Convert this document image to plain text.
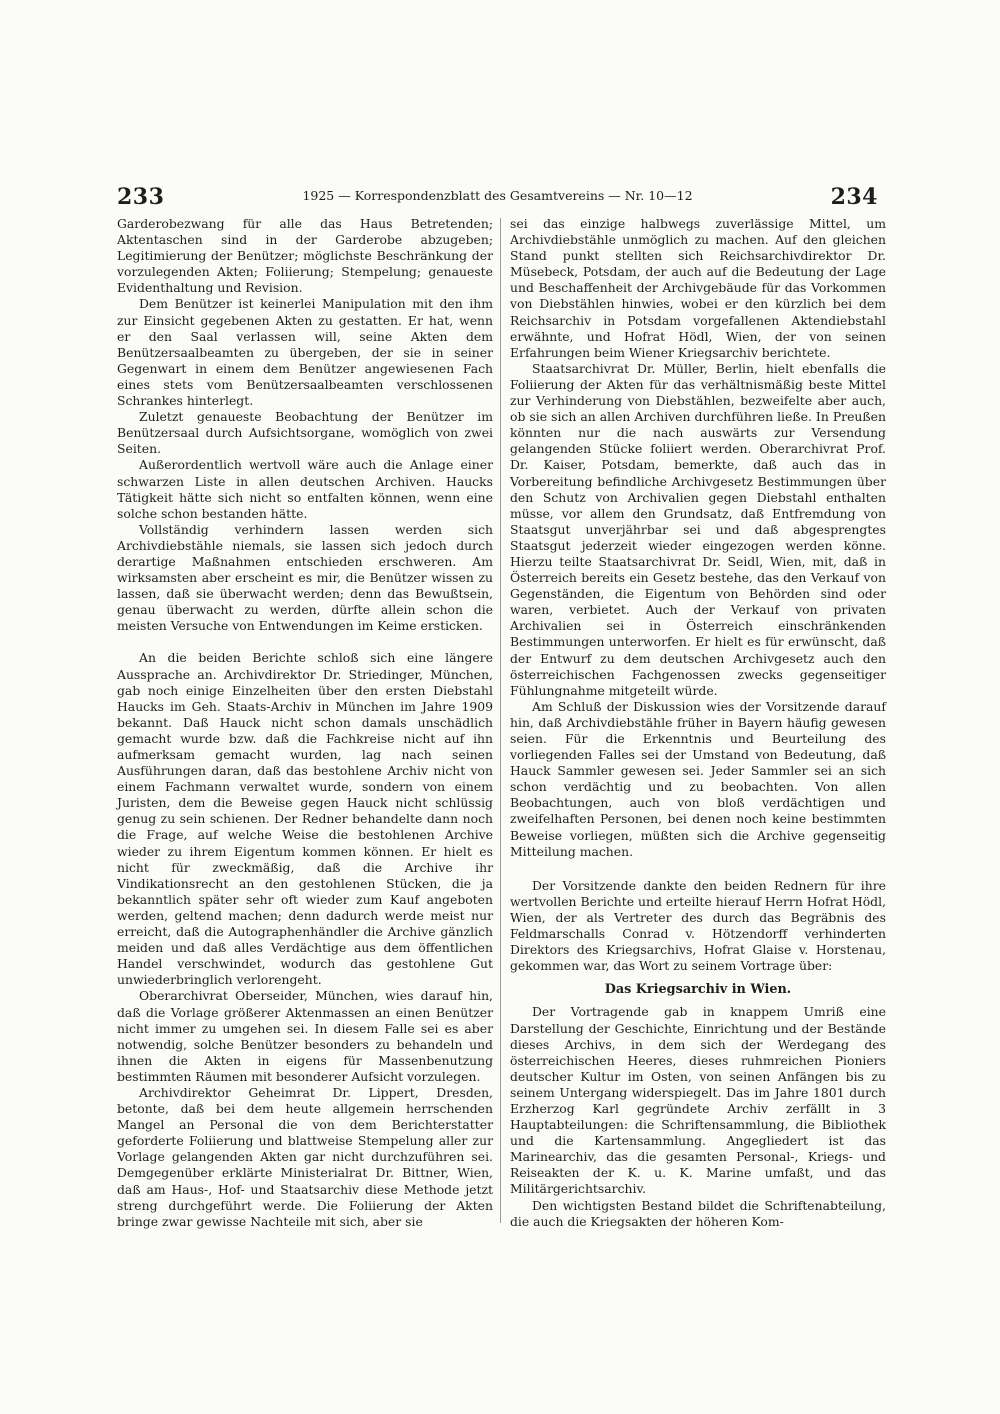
233	1925 — Korrespondenzblatt des Gesamtvereins — Nr. 10—12	234

Garderobezwang für alle das Haus Betretenden; Aktentaschen sind in der Garderobe abzugeben; Legitimierung der Benützer; möglichste Beschränkung der vorzulegenden Akten; Foliierung; Stempelung; genaueste Evidenthaltung und Revision.

Dem Benützer ist keinerlei Manipulation mit den ihm zur Einsicht gegebenen Akten zu gestatten. Er hat, wenn er den Saal verlassen will, seine Akten dem Benützersaalbeamten zu übergeben, der sie in seiner Gegenwart in einem dem Benützer angewiesenen Fach eines stets vom Benützersaalbeamten verschlossenen Schrankes hinterlegt.

Zuletzt genaueste Beobachtung der Benützer im Benützersaal durch Aufsichtsorgane, womöglich von zwei Seiten.

Außerordentlich wertvoll wäre auch die Anlage einer schwarzen Liste in allen deutschen Archiven. Haucks Tätigkeit hätte sich nicht so entfalten können, wenn eine solche schon bestanden hätte.

Vollständig verhindern lassen werden sich Archivdiebstähle niemals, sie lassen sich jedoch durch derartige Maßnahmen entschieden erschweren. Am wirksamsten aber erscheint es mir, die Benützer wissen zu lassen, daß sie überwacht werden; denn das Bewußtsein, genau überwacht zu werden, dürfte allein schon die meisten Versuche von Entwendungen im Keime ersticken.

An die beiden Berichte schloß sich eine längere Aussprache an. Archivdirektor Dr. Striedinger, München, gab noch einige Einzelheiten über den ersten Diebstahl Haucks im Geh. Staats-Archiv in München im Jahre 1909 bekannt. Daß Hauck nicht schon damals unschädlich gemacht wurde bzw. daß die Fachkreise nicht auf ihn aufmerksam gemacht wurden, lag nach seinen Ausführungen daran, daß das bestohlene Archiv nicht von einem Fachmann verwaltet wurde, sondern von einem Juristen, dem die Beweise gegen Hauck nicht schlüssig genug zu sein schienen. Der Redner behandelte dann noch die Frage, auf welche Weise die bestohlenen Archive wieder zu ihrem Eigentum kommen können. Er hielt es nicht für zweckmäßig, daß die Archive ihr Vindikationsrecht an den gestohlenen Stücken, die ja bekanntlich später sehr oft wieder zum Kauf angeboten werden, geltend machen; denn dadurch werde meist nur erreicht, daß die Autographenhändler die Archive gänzlich meiden und daß alles Verdächtige aus dem öffentlichen Handel verschwindet, wodurch das gestohlene Gut unwiederbringlich verlorengeht.

Oberarchivrat Oberseider, München, wies darauf hin, daß die Vorlage größerer Aktenmassen an einen Benützer nicht immer zu umgehen sei. In diesem Falle sei es aber notwendig, solche Benützer besonders zu behandeln und ihnen die Akten in eigens für Massenbenutzung bestimmten Räumen mit besonderer Aufsicht vorzulegen.

Archivdirektor Geheimrat Dr. Lippert, Dresden, betonte, daß bei dem heute allgemein herrschenden Mangel an Personal die von dem Berichterstatter geforderte Foliierung und blattweise Stempelung aller zur Vorlage gelangenden Akten gar nicht durchzuführen sei. Demgegenüber erklärte Ministerialrat Dr. Bittner, Wien, daß am Haus-, Hof- und Staatsarchiv diese Methode jetzt streng durchgeführt werde. Die Foliierung der Akten bringe zwar gewisse Nachteile mit sich, aber sie

sei das einzige halbwegs zuverlässige Mittel, um Archivdiebstähle unmöglich zu machen. Auf den gleichen Stand punkt stellten sich Reichsarchivdirektor Dr. Müsebeck, Potsdam, der auch auf die Bedeutung der Lage und Beschaffenheit der Archivgebäude für das Vorkommen von Diebstählen hinwies, wobei er den kürzlich bei dem Reichsarchiv in Potsdam vorgefallenen Aktendiebstahl erwähnte, und Hofrat Hödl, Wien, der von seinen Erfahrungen beim Wiener Kriegsarchiv berichtete.

Staatsarchivrat Dr. Müller, Berlin, hielt ebenfalls die Foliierung der Akten für das verhältnismäßig beste Mittel zur Verhinderung von Diebstählen, bezweifelte aber auch, ob sie sich an allen Archiven durchführen ließe. In Preußen könnten nur die nach auswärts zur Versendung gelangenden Stücke foliiert werden. Oberarchivrat Prof. Dr. Kaiser, Potsdam, bemerkte, daß auch das in Vorbereitung befindliche Archivgesetz Bestimmungen über den Schutz von Archivalien gegen Diebstahl enthalten müsse, vor allem den Grundsatz, daß Entfremdung von Staatsgut unverjährbar sei und daß abgesprengtes Staatsgut jederzeit wieder eingezogen werden könne. Hierzu teilte Staatsarchivrat Dr. Seidl, Wien, mit, daß in Österreich bereits ein Gesetz bestehe, das den Verkauf von Gegenständen, die Eigentum von Behörden sind oder waren, verbietet. Auch der Verkauf von privaten Archivalien sei in Österreich einschränkenden Bestimmungen unterworfen. Er hielt es für erwünscht, daß der Entwurf zu dem deutschen Archivgesetz auch den österreichischen Fachgenossen zwecks gegenseitiger Fühlungnahme mitgeteilt würde.

Am Schluß der Diskussion wies der Vorsitzende darauf hin, daß Archivdiebstähle früher in Bayern häufig gewesen seien. Für die Erkenntnis und Beurteilung des vorliegenden Falles sei der Umstand von Bedeutung, daß Hauck Sammler gewesen sei. Jeder Sammler sei an sich schon verdächtig und zu beobachten. Von allen Beobachtungen, auch von bloß verdächtigen und zweifelhaften Personen, bei denen noch keine bestimmten Beweise vorliegen, müßten sich die Archive gegenseitig Mitteilung machen.

Der Vorsitzende dankte den beiden Rednern für ihre wertvollen Berichte und erteilte hierauf Herrn Hofrat Hödl, Wien, der als Vertreter des durch das Begräbnis des Feldmarschalls Conrad v. Hötzendorff verhinderten Direktors des Kriegsarchivs, Hofrat Glaise v. Horstenau, gekommen war, das Wort zu seinem Vortrage über:

Das Kriegsarchiv in Wien.

Der Vortragende gab in knappem Umriß eine Darstellung der Geschichte, Einrichtung und der Bestände dieses Archivs, in dem sich der Werdegang des österreichischen Heeres, dieses ruhmreichen Pioniers deutscher Kultur im Osten, von seinen Anfängen bis zu seinem Untergang widerspiegelt. Das im Jahre 1801 durch Erzherzog Karl gegründete Archiv zerfällt in 3 Hauptabteilungen: die Schriftensammlung, die Bibliothek und die Kartensammlung. Angegliedert ist das Marinearchiv, das die gesamten Personal-, Kriegs- und Reiseakten der K. u. K. Marine umfaßt, und das Militärgerichtsarchiv.

Den wichtigsten Bestand bildet die Schriftenabteilung, die auch die Kriegsakten der höheren Kom-
